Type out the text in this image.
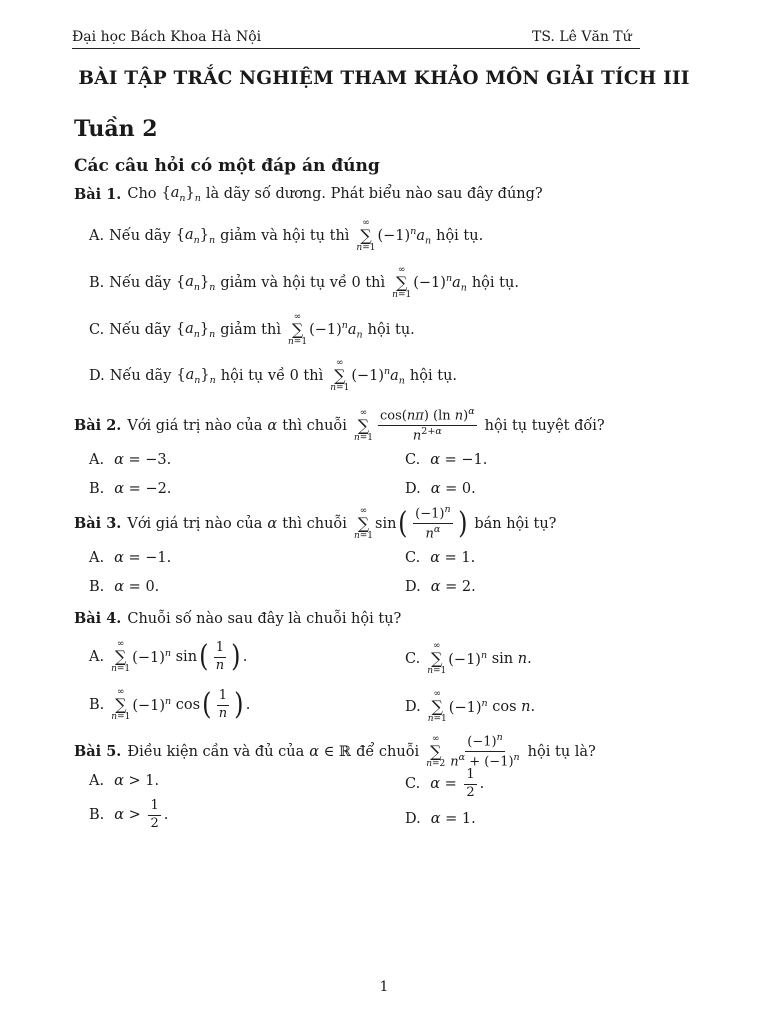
Đại học Bách Khoa Hà Nội	TS. Lê Văn Tứ
BÀI TẬP TRẮC NGHIỆM THAM KHẢO MÔN GIẢI TÍCH III
Tuần 2
Các câu hỏi có một đáp án đúng
Bài 1. Cho $\{a_n\}_n$ là dãy số dương. Phát biểu nào sau đây đúng?
A. Nếu dãy $\{a_n\}_n$ giảm và hội tụ thì
∞
∑
n=1
$(-1)^na_n$ hội tụ.
B. Nếu dãy $\{a_n\}_n$ giảm và hội tụ về 0 thì
∞
∑
n=1
$(-1)^na_n$ hội tụ.
C. Nếu dãy $\{a_n\}_n$ giảm thì
∞
∑
n=1
$(-1)^na_n$ hội tụ.
D. Nếu dãy $\{a_n\}_n$ hội tụ về 0 thì
∞
∑
n=1
$(-1)^na_n$ hội tụ.
Bài 2. Với giá trị nào của α thì chuỗi
∞
∑
$n=1 \frac{\cos(n\pi) (\ln n)^\alpha}{n^{2+\alpha}}$ hội tụ tuyệt đối?
A. α = −3.	C. α = −1.
B. α = −2.	D. α = 0.
Bài 3. Với giá trị nào của α thì chuỗi
∞
∑
n=1
sin ( $\frac{(-1)^n}{n^\alpha}$ ) bán hội tụ?
A. α = −1.	C. α = 1.
B. α = 0.	D. α = 2.
Bài 4. Chuỗi số nào sau đây là chuỗi hội tụ?
A.
∞
∑
n=1
$(-1)^n$ sin ( $\frac{1}{n}$ ) .	C.
∞
∑
n=1
$(-1)^n$ sin n.
B.
∞
∑
n=1
$(-1)^n$ cos ( $\frac{1}{n}$ ) .	D.
∞
∑
n=1
$(-1)^n$ cos n.
Bài 5. Điều kiện cần và đủ của α ∈ ℝ để chuỗi
∞
∑
$n=2 \frac{(-1)^n}{n^\alpha + (-1)^n}$ hội tụ là?
A. α > 1.	C. $\alpha = \frac{1}{2}$ .
B. $\alpha > \frac{1}{2}$ .	D. α = 1.
1
